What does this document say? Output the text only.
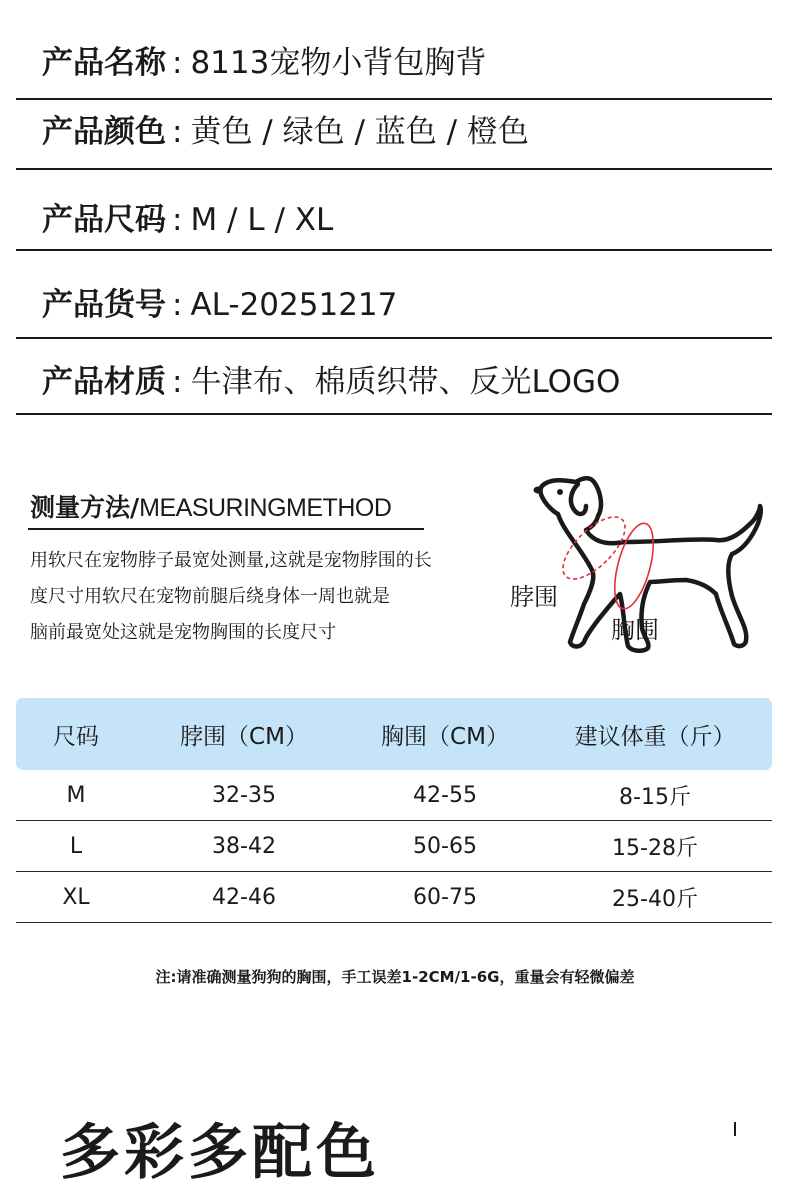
产品名称 : 8113宠物小背包胸背
产品颜色 : 黄色 / 绿色 / 蓝色 / 橙色
产品尺码 : M / L / XL
产品货号 : AL-20251217
产品材质 : 牛津布、棉质织带、反光LOGO
测量方法/MEASURINGMETHOD
用软尺在宠物脖子最宽处测量,这就是宠物脖围的长
度尺寸用软尺在宠物前腿后绕身体一周也就是
脑前最宽处这就是宠物胸围的长度尺寸
脖围
胸围
尺码	脖围（CM）	胸围（CM）	建议体重（斤）
M	32-35	42-55	8-15斤
L	38-42	50-65	15-28斤
XL	42-46	60-75	25-40斤
注:请准确测量狗狗的胸围，手工误差1-2CM/1-6G，重量会有轻微偏差
多彩多配色
